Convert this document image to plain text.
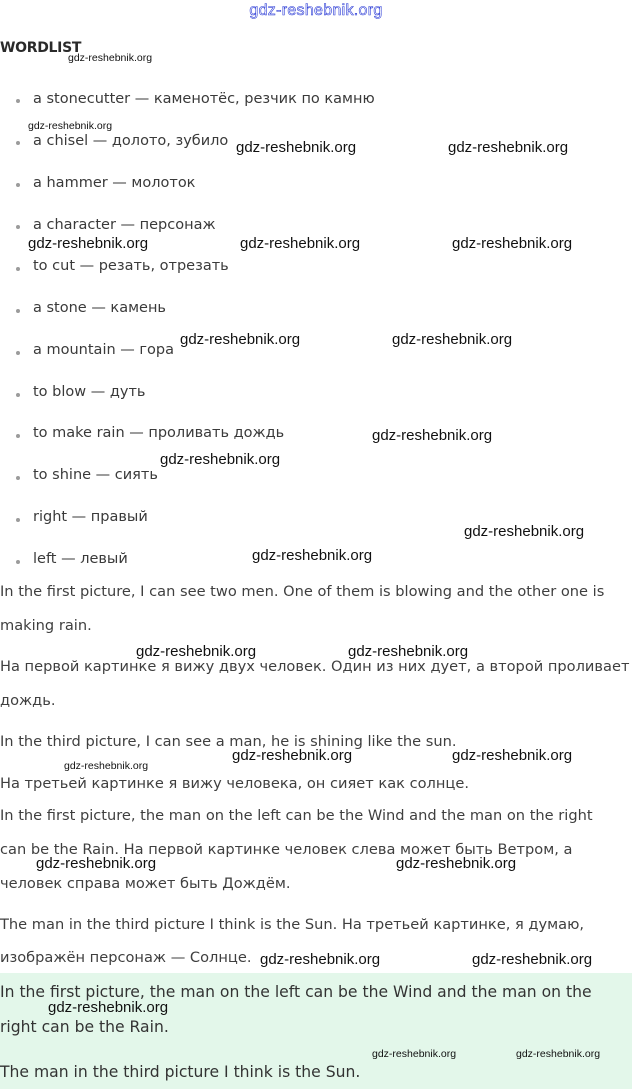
gdz-reshebnik.org
WORDLIST
a stonecutter — каменотёс, резчик по камню
a chisel — долото, зубило
a hammer — молоток
a character — персонаж
to cut — резать, отрезать
a stone — камень
a mountain — гора
to blow — дуть
to make rain — проливать дождь
to shine — сиять
right — правый
left — левый
In the first picture, I can see two men. One of them is blowing and the other one is
making rain.
На первой картинке я вижу двух человек. Один из них дует, а второй проливает
дождь.
In the third picture, I can see a man, he is shining like the sun.
На третьей картинке я вижу человека, он сияет как солнце.
In the first picture, the man on the left can be the Wind and the man on the right
can be the Rain. На первой картинке человек слева может быть Ветром, а
человек справа может быть Дождём.
The man in the third picture I think is the Sun. На третьей картинке, я думаю,
изображён персонаж — Солнце.
In the first picture, the man on the left can be the Wind and the man on the
right can be the Rain.
The man in the third picture I think is the Sun.
gdz-reshebnik.org
gdz-reshebnik.org
gdz-reshebnik.org	gdz-reshebnik.org
gdz-reshebnik.org	gdz-reshebnik.org	gdz-reshebnik.org
gdz-reshebnik.org	gdz-reshebnik.org
gdz-reshebnik.org
gdz-reshebnik.org
gdz-reshebnik.org
gdz-reshebnik.org
gdz-reshebnik.org	gdz-reshebnik.org
gdz-reshebnik.org	gdz-reshebnik.org
gdz-reshebnik.org
gdz-reshebnik.org	gdz-reshebnik.org
gdz-reshebnik.org	gdz-reshebnik.org
gdz-reshebnik.org
gdz-reshebnik.org	gdz-reshebnik.org
